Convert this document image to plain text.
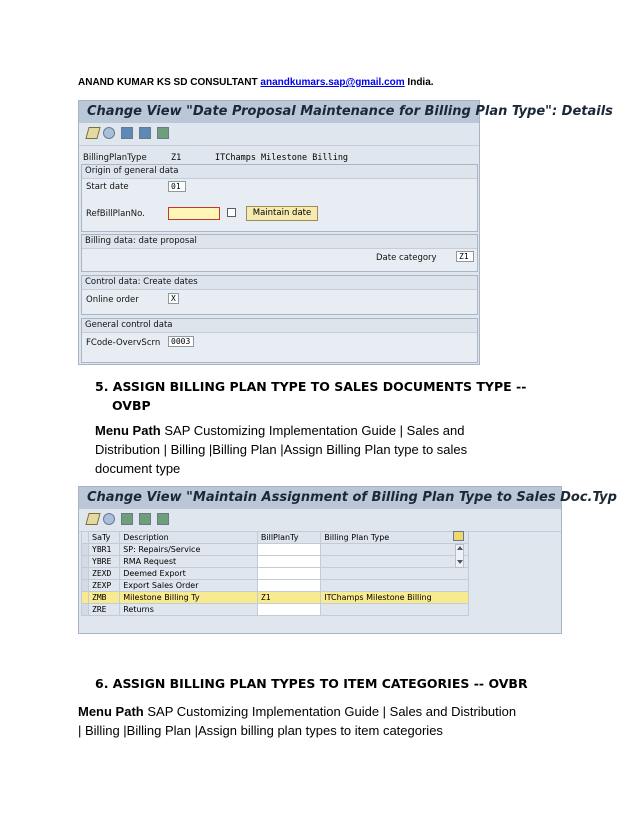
ANAND KUMAR KS SD CONSULTANT anandkumars.sap@gmail.com India.
Change View "Date Proposal Maintenance for Billing Plan Type": Details
BillingPlanType	Z1	ITChamps Milestone Billing
Origin of general data
Start date	01
RefBillPlanNo.	Maintain date
Billing data: date proposal
Date category	Z1
Control data: Create dates
Online order	X
General control data
FCode-OvervScrn	0003
5. ASSIGN BILLING PLAN TYPE TO SALES DOCUMENTS TYPE --
OVBP
Menu Path SAP Customizing Implementation Guide | Sales and
Distribution | Billing |Billing Plan |Assign Billing Plan type to sales
document type
Change View "Maintain Assignment of Billing Plan Type to Sales Doc.Typ
	SaTy	Description	BillPlanTy	Billing Plan Type
	YBR1	SP: Repairs/Service		
	YBRE	RMA Request		
	ZEXD	Deemed Export		
	ZEXP	Export Sales Order		
	ZMB	Milestone Billing Ty	Z1	ITChamps Milestone Billing
	ZRE	Returns		
6. ASSIGN BILLING PLAN TYPES TO ITEM CATEGORIES -- OVBR
Menu Path SAP Customizing Implementation Guide | Sales and Distribution
| Billing |Billing Plan |Assign billing plan types to item categories
